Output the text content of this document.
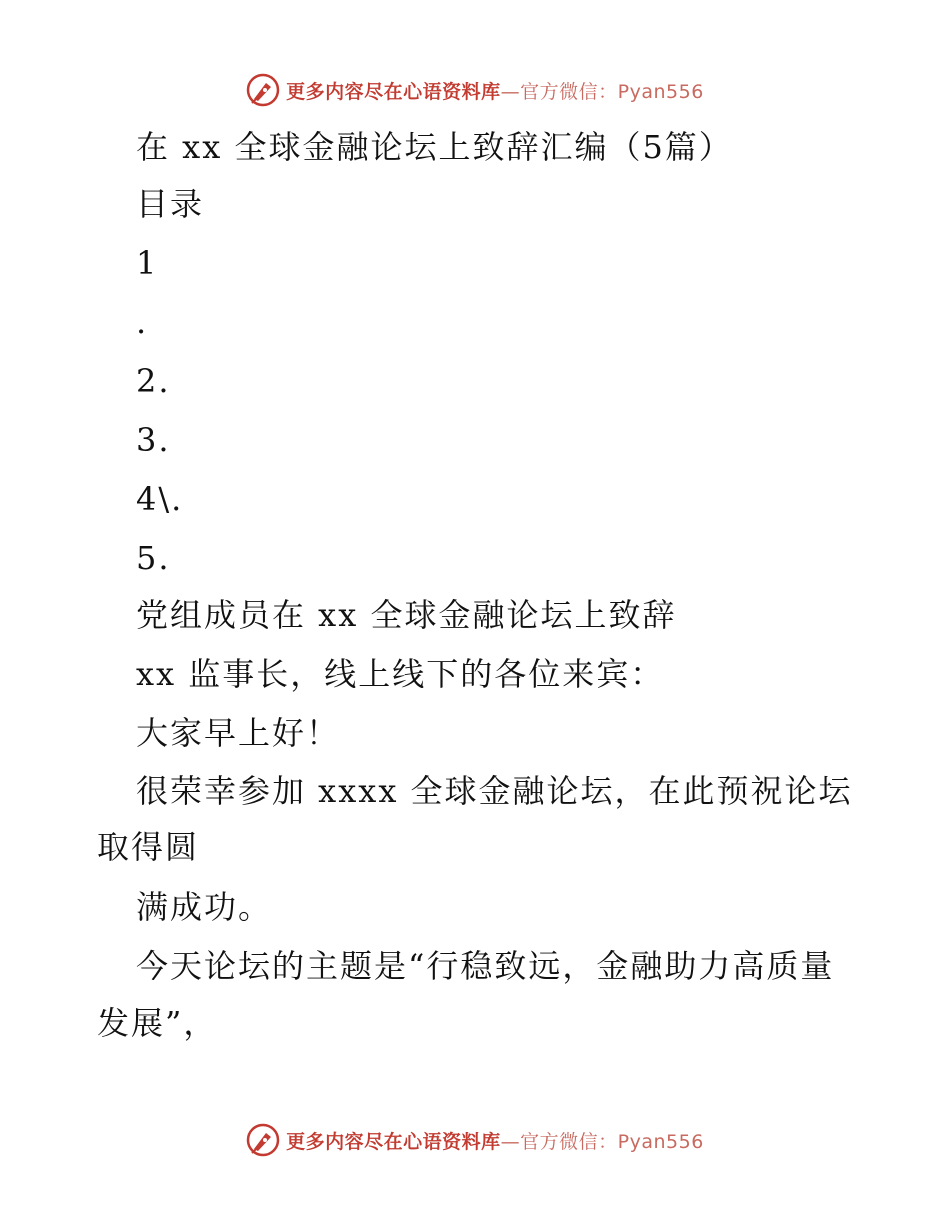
更多内容尽在心语资料库—官方微信：Pyan556
在 xx 全球金融论坛上致辞汇编（5篇）
目录
1
.
2.
3.
4\.
5.
党组成员在 xx 全球金融论坛上致辞
xx 监事长，线上线下的各位来宾：
大家早上好！
很荣幸参加 xxxx 全球金融论坛，在此预祝论坛
取得圆
满成功。
今天论坛的主题是“行稳致远，金融助力高质量
发展”，
更多内容尽在心语资料库—官方微信：Pyan556
